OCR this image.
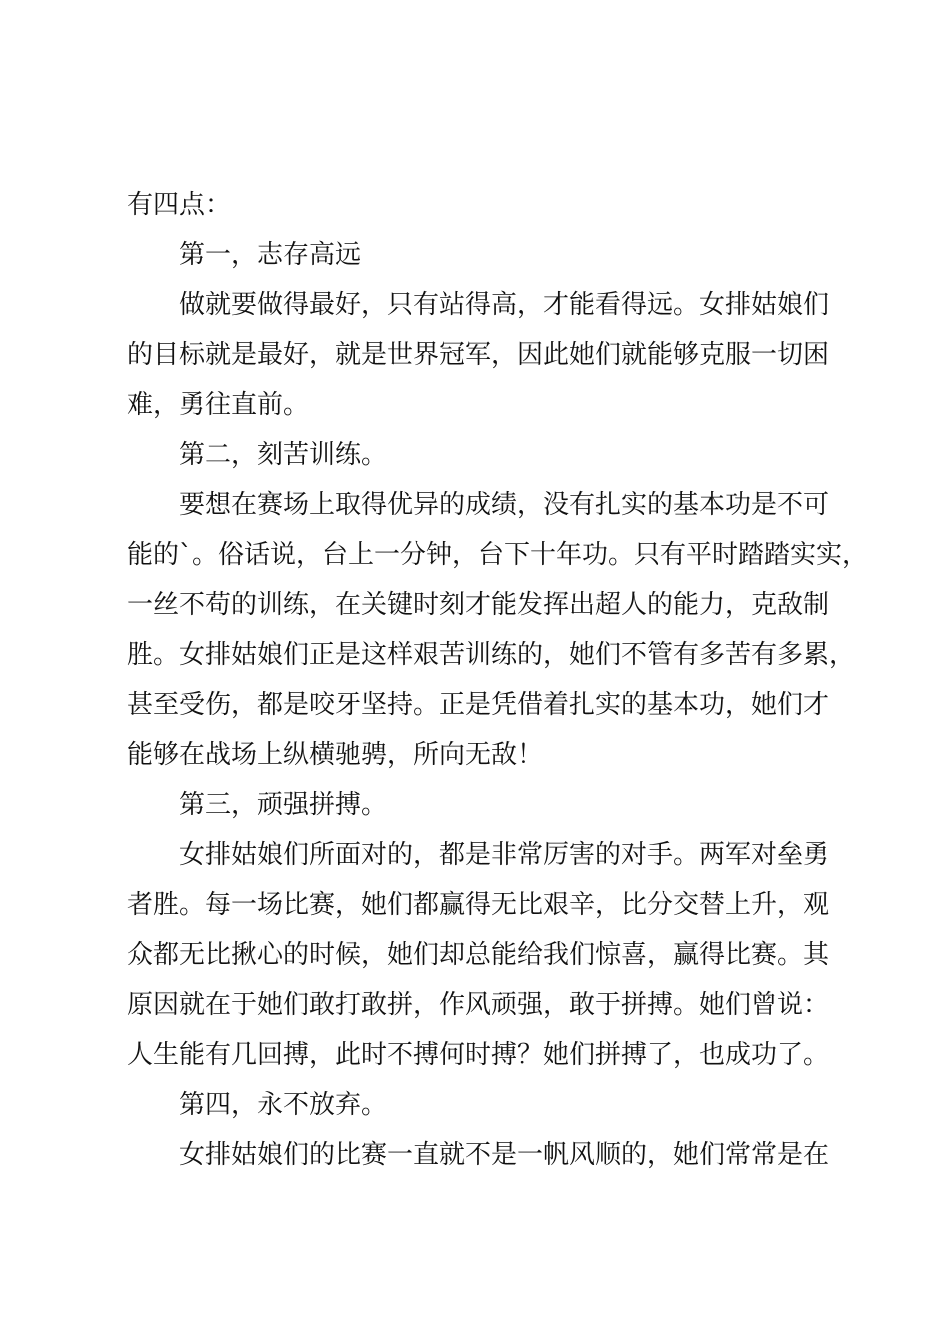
有四点：
第一，志存高远
做就要做得最好，只有站得高，才能看得远。女排姑娘们
的目标就是最好，就是世界冠军，因此她们就能够克服一切困
难，勇往直前。
第二，刻苦训练。
要想在赛场上取得优异的成绩，没有扎实的基本功是不可
能的`。俗话说，台上一分钟，台下十年功。只有平时踏踏实实，
一丝不苟的训练，在关键时刻才能发挥出超人的能力，克敌制
胜。女排姑娘们正是这样艰苦训练的，她们不管有多苦有多累，
甚至受伤，都是咬牙坚持。正是凭借着扎实的基本功，她们才
能够在战场上纵横驰骋，所向无敌！
第三，顽强拼搏。
女排姑娘们所面对的，都是非常厉害的对手。两军对垒勇
者胜。每一场比赛，她们都赢得无比艰辛，比分交替上升，观
众都无比揪心的时候，她们却总能给我们惊喜，赢得比赛。其
原因就在于她们敢打敢拼，作风顽强，敢于拼搏。她们曾说：
人生能有几回搏，此时不搏何时搏？她们拼搏了，也成功了。
第四，永不放弃。
女排姑娘们的比赛一直就不是一帆风顺的，她们常常是在
